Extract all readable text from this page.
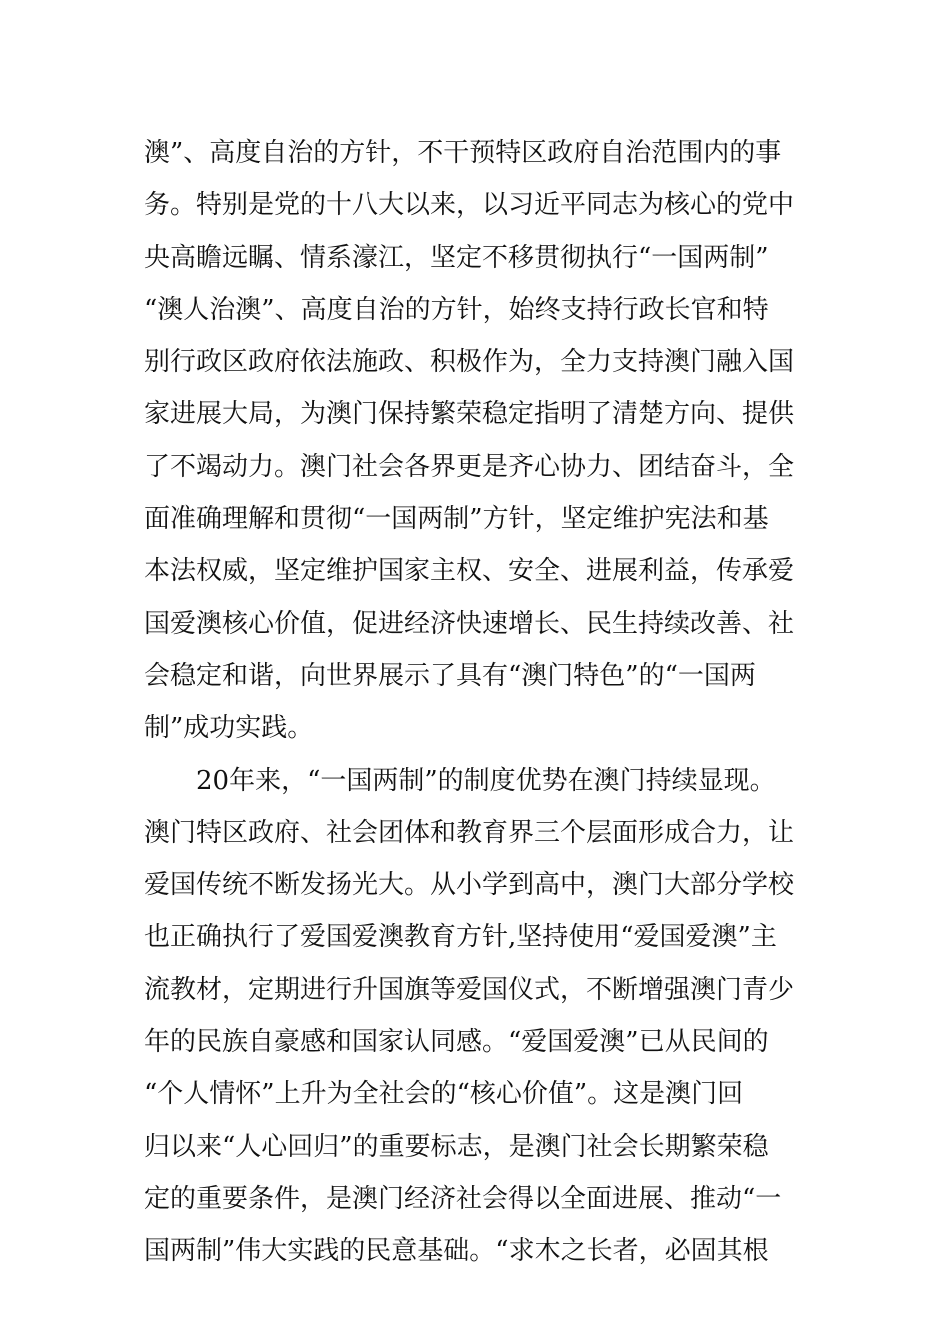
澳”、高度自治的方针，不干预特区政府自治范围内的事
务。特别是党的十八大以来，以习近平同志为核心的党中
央高瞻远瞩、情系濠江，坚定不移贯彻执行“一国两制”
“澳人治澳”、高度自治的方针，始终支持行政长官和特
别行政区政府依法施政、积极作为，全力支持澳门融入国
家进展大局，为澳门保持繁荣稳定指明了清楚方向、提供
了不竭动力。澳门社会各界更是齐心协力、团结奋斗，全
面准确理解和贯彻“一国两制”方针，坚定维护宪法和基
本法权威，坚定维护国家主权、安全、进展利益，传承爱
国爱澳核心价值，促进经济快速增长、民生持续改善、社
会稳定和谐，向世界展示了具有“澳门特色”的“一国两
制”成功实践。
20年来，“一国两制”的制度优势在澳门持续显现。
澳门特区政府、社会团体和教育界三个层面形成合力，让
爱国传统不断发扬光大。从小学到高中，澳门大部分学校
也正确执行了爱国爱澳教育方针,坚持使用“爱国爱澳”主
流教材，定期进行升国旗等爱国仪式，不断增强澳门青少
年的民族自豪感和国家认同感。“爱国爱澳”已从民间的
“个人情怀”上升为全社会的“核心价值”。这是澳门回
归以来“人心回归”的重要标志，是澳门社会长期繁荣稳
定的重要条件，是澳门经济社会得以全面进展、推动“一
国两制”伟大实践的民意基础。“求木之长者，必固其根
